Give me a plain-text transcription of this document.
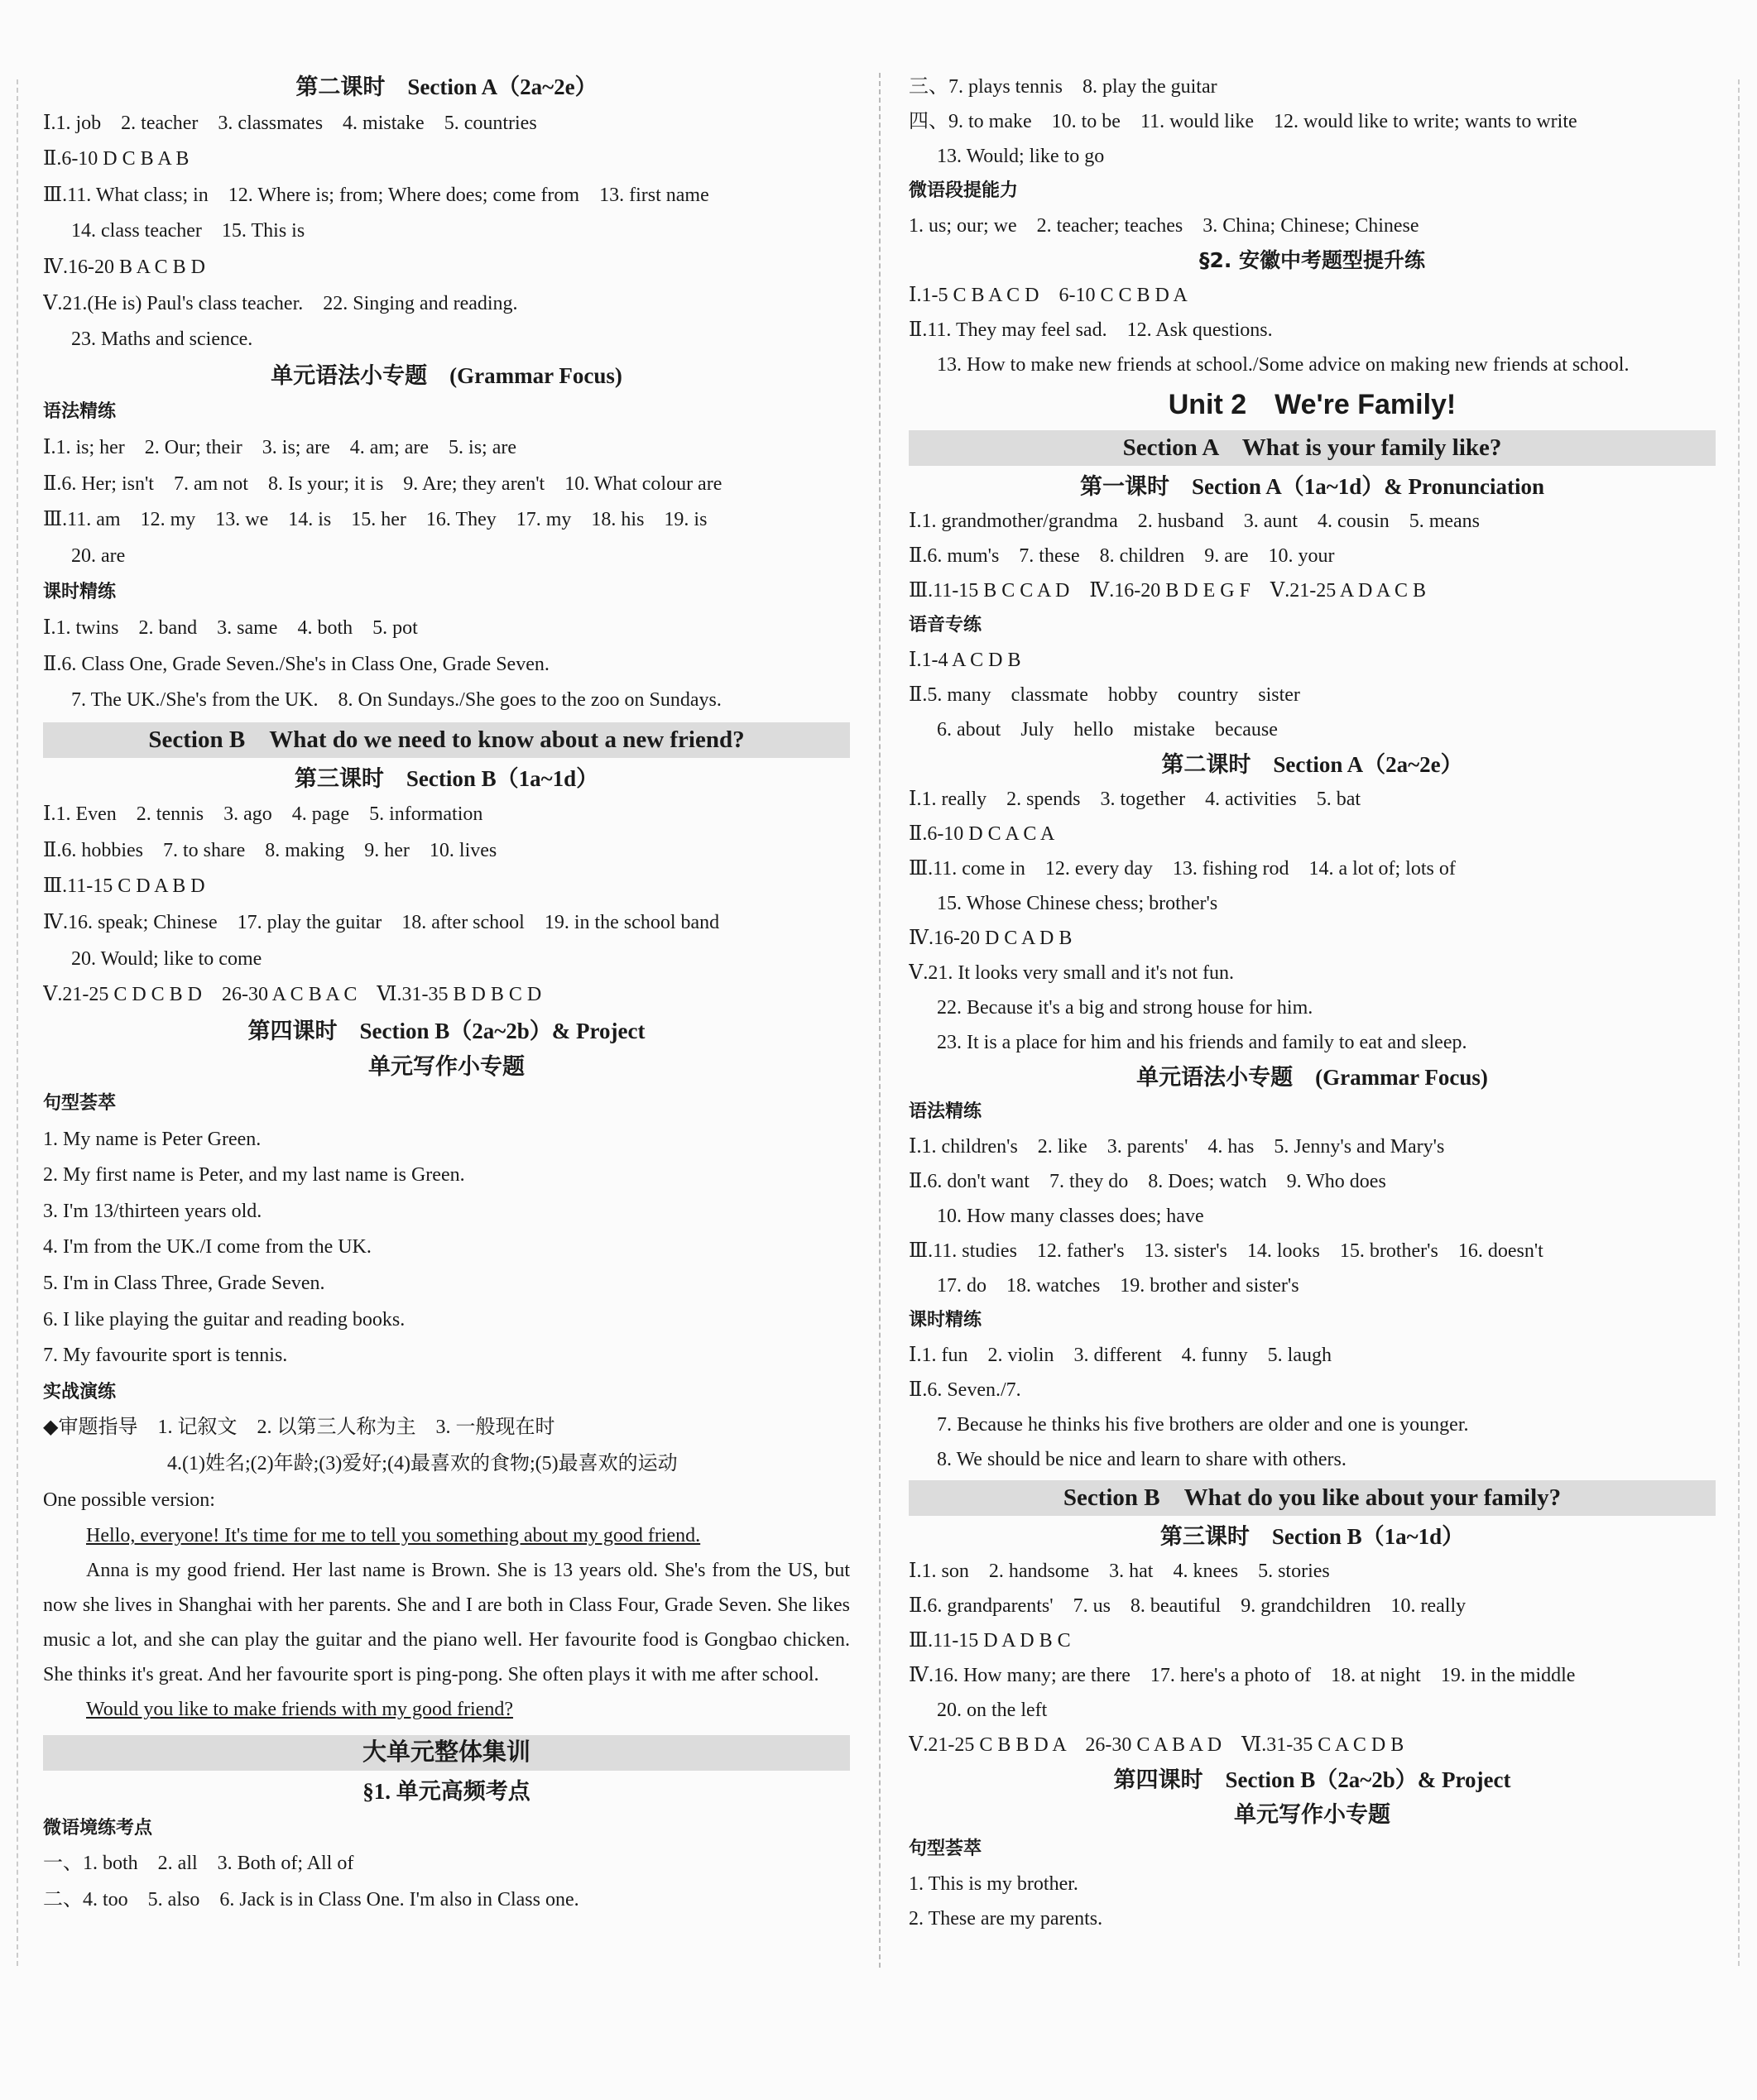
第二课时　Section A（2a~2e）
Ⅰ.1. job　2. teacher　3. classmates　4. mistake　5. countries
Ⅱ.6-10 D C B A B
Ⅲ.11. What class; in　12. Where is; from; Where does; come from　13. first name
14. class teacher　15. This is
Ⅳ.16-20 B A C B D
Ⅴ.21.(He is) Paul's class teacher.　22. Singing and reading.
23. Maths and science.
单元语法小专题　(Grammar Focus)
语法精练
Ⅰ.1. is; her　2. Our; their　3. is; are　4. am; are　5. is; are
Ⅱ.6. Her; isn't　7. am not　8. Is your; it is　9. Are; they aren't　10. What colour are
Ⅲ.11. am　12. my　13. we　14. is　15. her　16. They　17. my　18. his　19. is
20. are
课时精练
Ⅰ.1. twins　2. band　3. same　4. both　5. pot
Ⅱ.6. Class One, Grade Seven./She's in Class One, Grade Seven.
7. The UK./She's from the UK.　8. On Sundays./She goes to the zoo on Sundays.
Section B　What do we need to know about a new friend?
第三课时　Section B（1a~1d）
Ⅰ.1. Even　2. tennis　3. ago　4. page　5. information
Ⅱ.6. hobbies　7. to share　8. making　9. her　10. lives
Ⅲ.11-15 C D A B D
Ⅳ.16. speak; Chinese　17. play the guitar　18. after school　19. in the school band
20. Would; like to come
Ⅴ.21-25 C D C B D　26-30 A C B A C　Ⅵ.31-35 B D B C D
第四课时　Section B（2a~2b）& Project
单元写作小专题
句型荟萃
1. My name is Peter Green.
2. My first name is Peter, and my last name is Green.
3. I'm 13/thirteen years old.
4. I'm from the UK./I come from the UK.
5. I'm in Class Three, Grade Seven.
6. I like playing the guitar and reading books.
7. My favourite sport is tennis.
实战演练
◆审题指导　1. 记叙文　2. 以第三人称为主　3. 一般现在时
4.(1)姓名;(2)年龄;(3)爱好;(4)最喜欢的食物;(5)最喜欢的运动
One possible version:
Hello, everyone! It's time for me to tell you something about my good friend.
Anna is my good friend. Her last name is Brown. She is 13 years old. She's from the US, but now she lives in Shanghai with her parents. She and I are both in Class Four, Grade Seven. She likes music a lot, and she can play the guitar and the piano well. Her favourite food is Gongbao chicken. She thinks it's great. And her favourite sport is ping-pong. She often plays it with me after school.
Would you like to make friends with my good friend?
大单元整体集训
§1. 单元高频考点
微语境练考点
一、1. both　2. all　3. Both of; All of
二、4. too　5. also　6. Jack is in Class One. I'm also in Class one.
三、7. plays tennis　8. play the guitar
四、9. to make　10. to be　11. would like　12. would like to write; wants to write
13. Would; like to go
微语段提能力
1. us; our; we　2. teacher; teaches　3. China; Chinese; Chinese
§2. 安徽中考题型提升练
Ⅰ.1-5 C B A C D　6-10 C C B D A
Ⅱ.11. They may feel sad.　12. Ask questions.
13. How to make new friends at school./Some advice on making new friends at school.
Unit 2　We're Family!
Section A　What is your family like?
第一课时　Section A（1a~1d）& Pronunciation
Ⅰ.1. grandmother/grandma　2. husband　3. aunt　4. cousin　5. means
Ⅱ.6. mum's　7. these　8. children　9. are　10. your
Ⅲ.11-15 B C C A D　Ⅳ.16-20 B D E G F　Ⅴ.21-25 A D A C B
语音专练
Ⅰ.1-4 A C D B
Ⅱ.5. many　classmate　hobby　country　sister
6. about　July　hello　mistake　because
第二课时　Section A（2a~2e）
Ⅰ.1. really　2. spends　3. together　4. activities　5. bat
Ⅱ.6-10 D C A C A
Ⅲ.11. come in　12. every day　13. fishing rod　14. a lot of; lots of
15. Whose Chinese chess; brother's
Ⅳ.16-20 D C A D B
Ⅴ.21. It looks very small and it's not fun.
22. Because it's a big and strong house for him.
23. It is a place for him and his friends and family to eat and sleep.
单元语法小专题　(Grammar Focus)
语法精练
Ⅰ.1. children's　2. like　3. parents'　4. has　5. Jenny's and Mary's
Ⅱ.6. don't want　7. they do　8. Does; watch　9. Who does
10. How many classes does; have
Ⅲ.11. studies　12. father's　13. sister's　14. looks　15. brother's　16. doesn't
17. do　18. watches　19. brother and sister's
课时精练
Ⅰ.1. fun　2. violin　3. different　4. funny　5. laugh
Ⅱ.6. Seven./7.
7. Because he thinks his five brothers are older and one is younger.
8. We should be nice and learn to share with others.
Section B　What do you like about your family?
第三课时　Section B（1a~1d）
Ⅰ.1. son　2. handsome　3. hat　4. knees　5. stories
Ⅱ.6. grandparents'　7. us　8. beautiful　9. grandchildren　10. really
Ⅲ.11-15 D A D B C
Ⅳ.16. How many; are there　17. here's a photo of　18. at night　19. in the middle
20. on the left
Ⅴ.21-25 C B B D A　26-30 C A B A D　Ⅵ.31-35 C A C D B
第四课时　Section B（2a~2b）& Project
单元写作小专题
句型荟萃
1. This is my brother.
2. These are my parents.
